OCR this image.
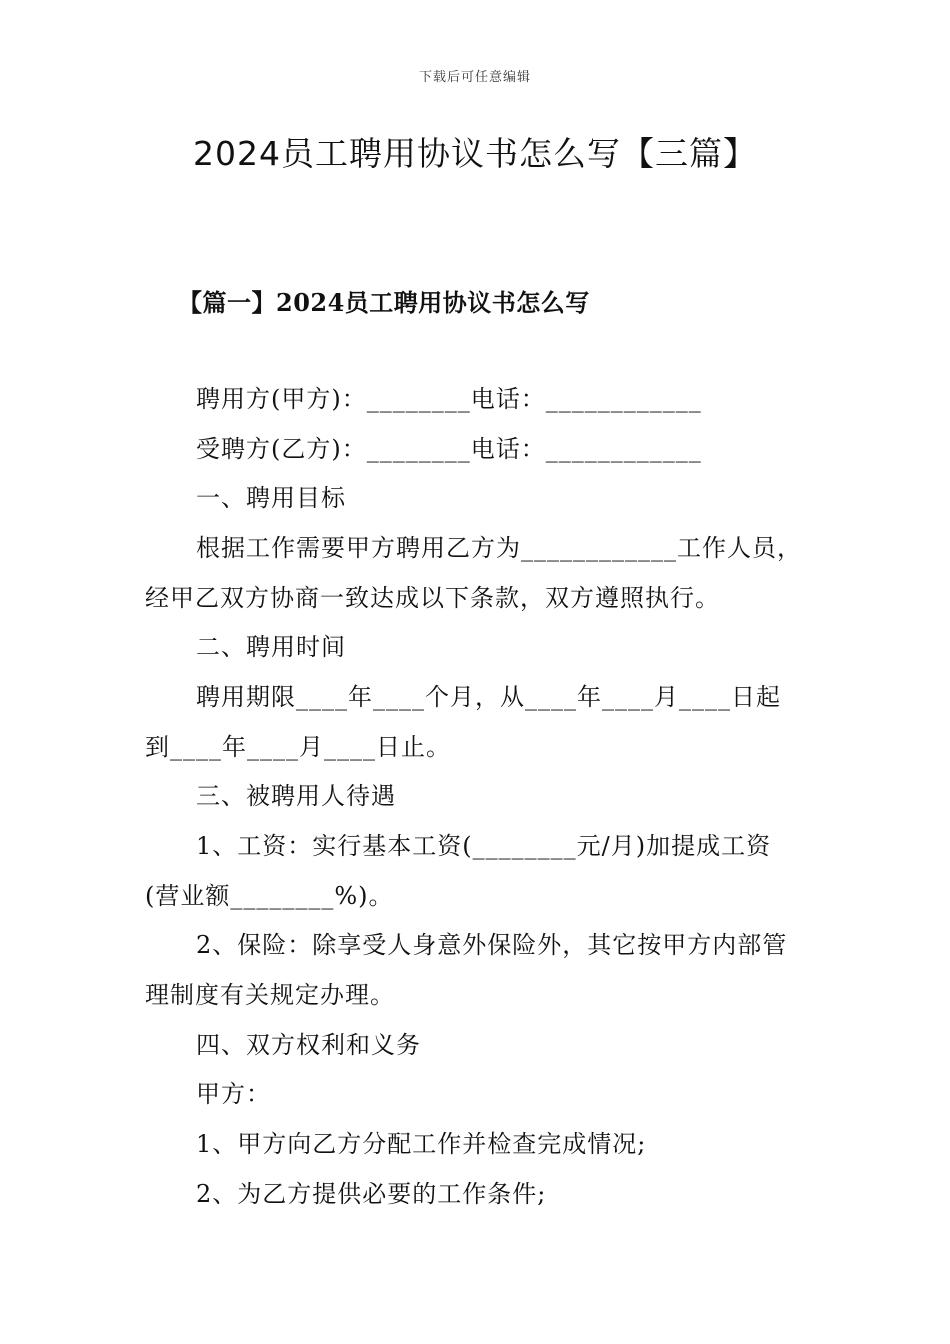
下载后可任意编辑
2024员工聘用协议书怎么写【三篇】
【篇一】2024员工聘用协议书怎么写
聘用方(甲方)：________电话：____________
受聘方(乙方)：________电话：____________
一、聘用目标
根据工作需要甲方聘用乙方为____________工作人员，
经甲乙双方协商一致达成以下条款，双方遵照执行。
二、聘用时间
聘用期限____年____个月，从____年____月____日起
到____年____月____日止。
三、被聘用人待遇
1、工资：实行基本工资(________元/月)加提成工资
(营业额________%)。
2、保险：除享受人身意外保险外，其它按甲方内部管
理制度有关规定办理。
四、双方权利和义务
甲方：
1、甲方向乙方分配工作并检查完成情况;
2、为乙方提供必要的工作条件;
